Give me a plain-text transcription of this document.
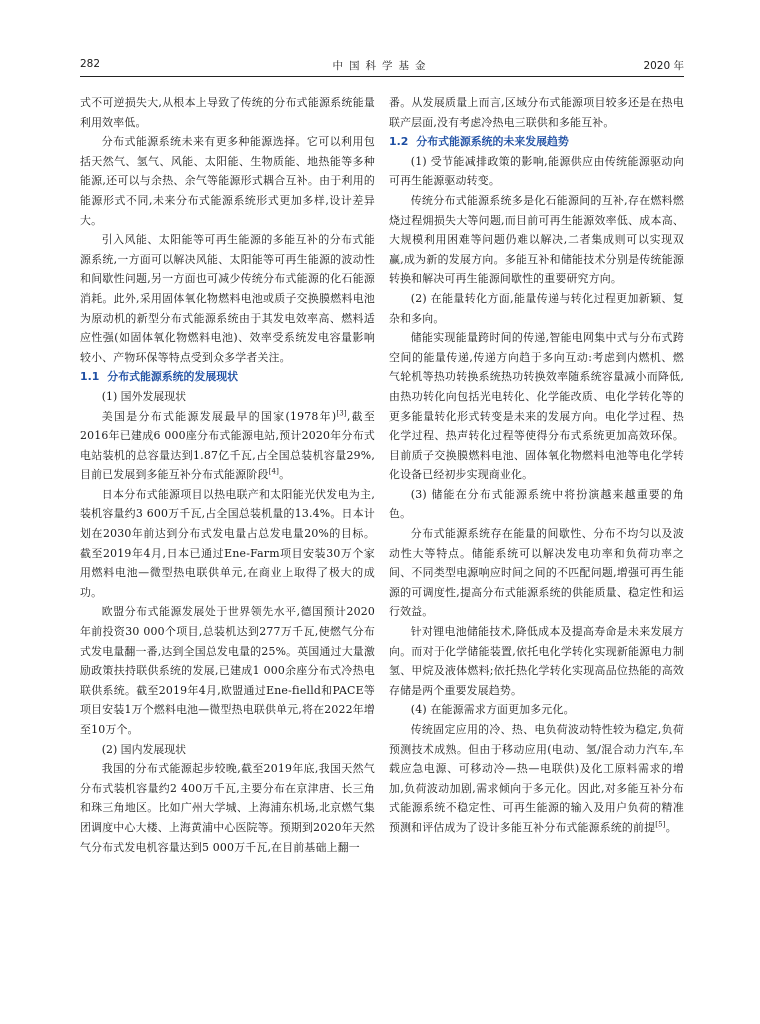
282	中国科学基金	2020 年

式不可逆损失大,从根本上导致了传统的分布式能源系统能量利用效率低。

分布式能源系统未来有更多种能源选择。它可以利用包括天然气、氢气、风能、太阳能、生物质能、地热能等多种能源,还可以与余热、余气等能源形式耦合互补。由于利用的能源形式不同,未来分布式能源系统形式更加多样,设计差异大。

引入风能、太阳能等可再生能源的多能互补的分布式能源系统,一方面可以解决风能、太阳能等可再生能源的波动性和间歇性问题,另一方面也可减少传统分布式能源的化石能源消耗。此外,采用固体氧化物燃料电池或质子交换膜燃料电池为原动机的新型分布式能源系统由于其发电效率高、燃料适应性强(如固体氧化物燃料电池)、效率受系统发电容量影响较小、产物环保等特点受到众多学者关注。

1.1 分布式能源系统的发展现状

(1) 国外发展现状

美国是分布式能源发展最早的国家(1978年)[3],截至2016年已建成6 000座分布式能源电站,预计2020年分布式电站装机的总容量达到1.87亿千瓦,占全国总装机容量29%,目前已发展到多能互补分布式能源阶段[4]。

日本分布式能源项目以热电联产和太阳能光伏发电为主,装机容量约3 600万千瓦,占全国总装机量的13.4%。日本计划在2030年前达到分布式发电量占总发电量20%的目标。截至2019年4月,日本已通过Ene-Farm项目安装30万个家用燃料电池—微型热电联供单元,在商业上取得了极大的成功。

欧盟分布式能源发展处于世界领先水平,德国预计2020年前投资30 000个项目,总装机达到277万千瓦,使燃气分布式发电量翻一番,达到全国总发电量的25%。英国通过大量激励政策扶持联供系统的发展,已建成1 000余座分布式冷热电联供系统。截至2019年4月,欧盟通过Ene-fielld和PACE等项目安装1万个燃料电池—微型热电联供单元,将在2022年增至10万个。

(2) 国内发展现状

我国的分布式能源起步较晚,截至2019年底,我国天然气分布式装机容量约2 400万千瓦,主要分布在京津唐、长三角和珠三角地区。比如广州大学城、上海浦东机场,北京燃气集团调度中心大楼、上海黄浦中心医院等。预期到2020年天然气分布式发电机容量达到5 000万千瓦,在目前基础上翻一

番。从发展质量上而言,区域分布式能源项目较多还是在热电联产层面,没有考虑冷热电三联供和多能互补。

1.2 分布式能源系统的未来发展趋势

(1) 受节能减排政策的影响,能源供应由传统能源驱动向可再生能源驱动转变。

传统分布式能源系统多是化石能源间的互补,存在燃料燃烧过程㶲损失大等问题,而目前可再生能源效率低、成本高、大规模利用困难等问题仍难以解决,二者集成则可以实现双赢,成为新的发展方向。多能互补和储能技术分别是传统能源转换和解决可再生能源间歇性的重要研究方向。

(2) 在能量转化方面,能量传递与转化过程更加新颖、复杂和多向。

储能实现能量跨时间的传递,智能电网集中式与分布式跨空间的能量传递,传递方向趋于多向互动:考虑到内燃机、燃气轮机等热功转换系统热功转换效率随系统容量减小而降低,由热功转化向包括光电转化、化学能改质、电化学转化等的更多能量转化形式转变是未来的发展方向。电化学过程、热化学过程、热声转化过程等使得分布式系统更加高效环保。目前质子交换膜燃料电池、固体氧化物燃料电池等电化学转化设备已经初步实现商业化。

(3) 储能在分布式能源系统中将扮演越来越重要的角色。

分布式能源系统存在能量的间歇性、分布不均匀以及波动性大等特点。储能系统可以解决发电功率和负荷功率之间、不同类型电源响应时间之间的不匹配问题,增强可再生能源的可调度性,提高分布式能源系统的供能质量、稳定性和运行效益。

针对锂电池储能技术,降低成本及提高寿命是未来发展方向。而对于化学储能装置,依托电化学转化实现新能源电力制氢、甲烷及液体燃料;依托热化学转化实现高品位热能的高效存储是两个重要发展趋势。

(4) 在能源需求方面更加多元化。

传统固定应用的冷、热、电负荷波动特性较为稳定,负荷预测技术成熟。但由于移动应用(电动、氢/混合动力汽车,车载应急电源、可移动冷—热—电联供)及化工原料需求的增加,负荷波动加剧,需求倾向于多元化。因此,对多能互补分布式能源系统不稳定性、可再生能源的输入及用户负荷的精准预测和评估成为了设计多能互补分布式能源系统的前提[5]。
